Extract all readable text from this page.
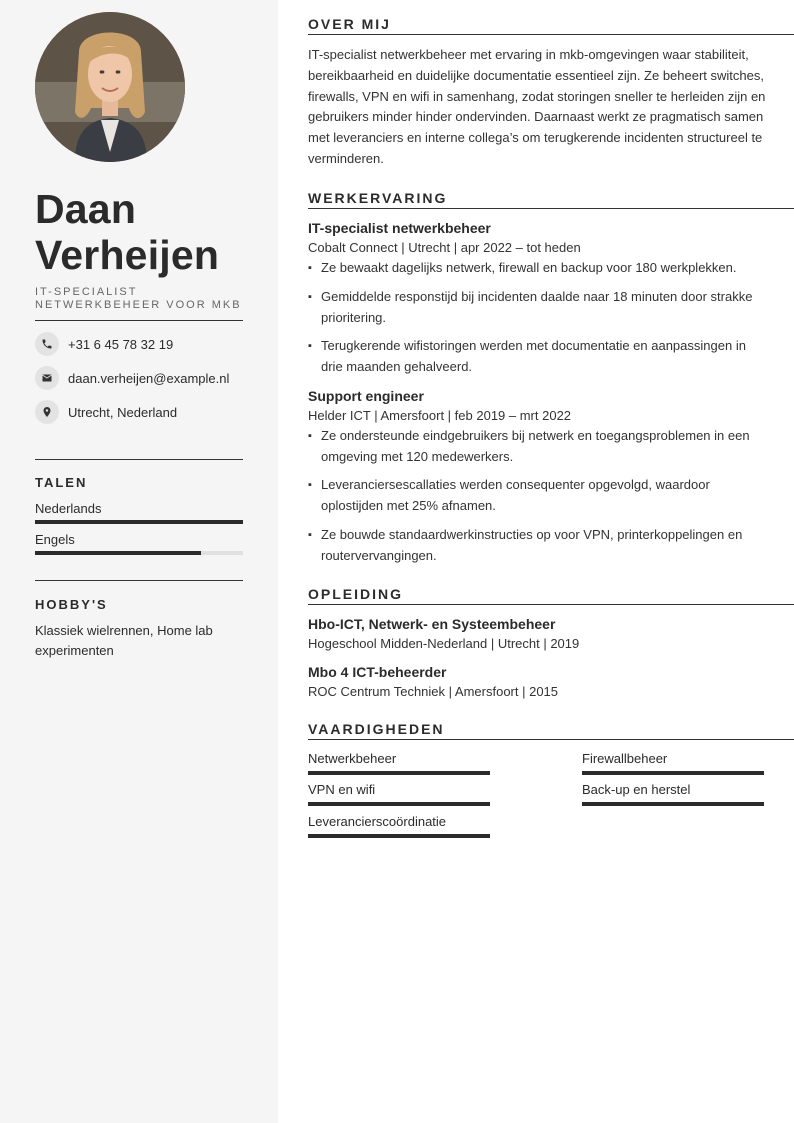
Daan
Verheijen
IT-SPECIALIST
NETWERKBEHEER VOOR MKB
+31 6 45 78 32 19
daan.verheijen@example.nl
Utrecht, Nederland
TALEN
Nederlands
Engels
HOBBY'S
Klassiek wielrennen, Home lab experimenten
OVER MIJ
IT-specialist netwerkbeheer met ervaring in mkb-omgevingen waar stabiliteit, bereikbaarheid en duidelijke documentatie essentieel zijn. Ze beheert switches, firewalls, VPN en wifi in samenhang, zodat storingen sneller te herleiden zijn en gebruikers minder hinder ondervinden. Daarnaast werkt ze pragmatisch samen met leveranciers en interne collega’s om terugkerende incidenten structureel te verminderen.
WERKERVARING
IT-specialist netwerkbeheer
Cobalt Connect | Utrecht | apr 2022 – tot heden
▪ Ze bewaakt dagelijks netwerk, firewall en backup voor 180 werkplekken.
▪ Gemiddelde responstijd bij incidenten daalde naar 18 minuten door strakke prioritering.
▪ Terugkerende wifistoringen werden met documentatie en aanpassingen in drie maanden gehalveerd.
Support engineer
Helder ICT | Amersfoort | feb 2019 – mrt 2022
▪ Ze ondersteunde eindgebruikers bij netwerk en toegangsproblemen in een omgeving met 120 medewerkers.
▪ Leveranciersescallaties werden consequenter opgevolgd, waardoor oplostijden met 25% afnamen.
▪ Ze bouwde standaardwerkinstructies op voor VPN, printerkoppelingen en routervervangingen.
OPLEIDING
Hbo-ICT, Netwerk- en Systeembeheer
Hogeschool Midden-Nederland | Utrecht | 2019
Mbo 4 ICT-beheerder
ROC Centrum Techniek | Amersfoort | 2015
VAARDIGHEDEN
Netwerkbeheer	Firewallbeheer
VPN en wifi	Back-up en herstel
Leverancierscoördinatie
